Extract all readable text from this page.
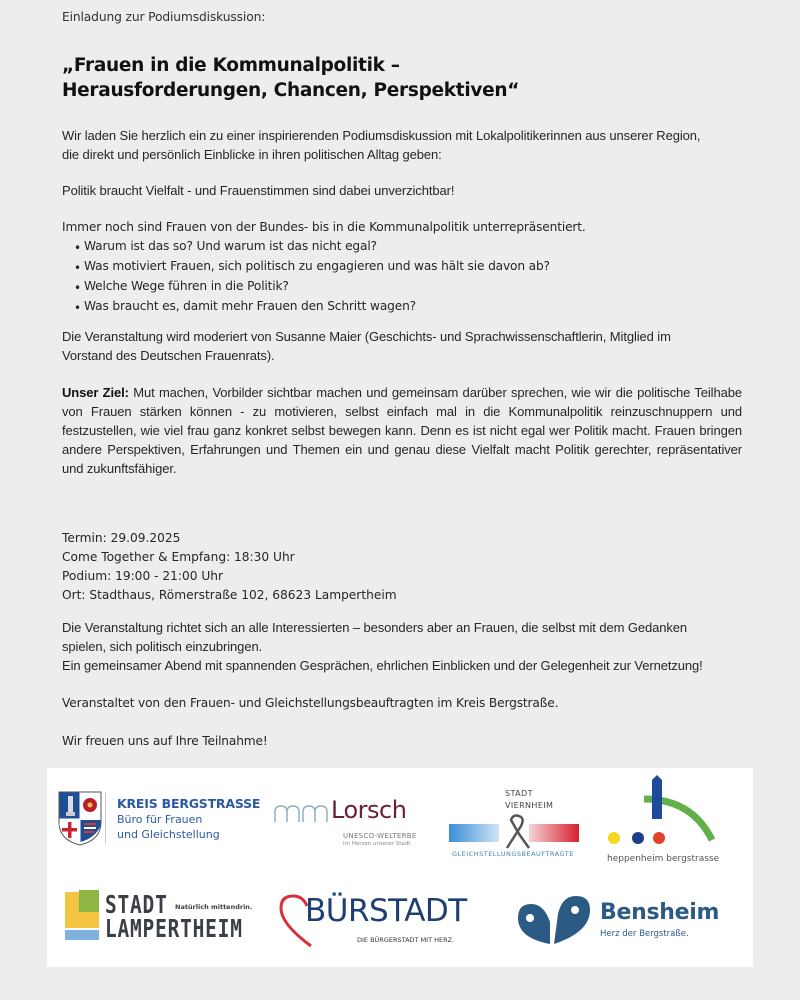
Einladung zur Podiumsdiskussion:
„Frauen in die Kommunalpolitik –
Herausforderungen, Chancen, Perspektiven“
Wir laden Sie herzlich ein zu einer inspirierenden Podiumsdiskussion mit Lokalpolitikerinnen aus unserer Region,
die direkt und persönlich Einblicke in ihren politischen Alltag geben:
Politik braucht Vielfalt - und Frauenstimmen sind dabei unverzichtbar!
Immer noch sind Frauen von der Bundes- bis in die Kommunalpolitik unterrepräsentiert.
• Warum ist das so? Und warum ist das nicht egal?
• Was motiviert Frauen, sich politisch zu engagieren und was hält sie davon ab?
• Welche Wege führen in die Politik?
• Was braucht es, damit mehr Frauen den Schritt wagen?
Die Veranstaltung wird moderiert von Susanne Maier (Geschichts- und Sprachwissenschaftlerin, Mitglied im
Vorstand des Deutschen Frauenrats).
Unser Ziel: Mut machen, Vorbilder sichtbar machen und gemeinsam darüber sprechen, wie wir die politische Teilhabe von Frauen stärken können - zu motivieren, selbst einfach mal in die Kommunalpolitik reinzuschnuppern und festzustellen, wie viel frau ganz konkret selbst bewegen kann. Denn es ist nicht egal wer Politik macht. Frauen bringen andere Perspektiven, Erfahrungen und Themen ein und genau diese Vielfalt macht Politik gerechter, repräsentativer und zukunftsfähiger.
Termin: 29.09.2025
Come Together & Empfang: 18:30 Uhr
Podium: 19:00 - 21:00 Uhr
Ort: Stadthaus, Römerstraße 102, 68623 Lampertheim
Die Veranstaltung richtet sich an alle Interessierten – besonders aber an Frauen, die selbst mit dem Gedanken
spielen, sich politisch einzubringen.
Ein gemeinsamer Abend mit spannenden Gesprächen, ehrlichen Einblicken und der Gelegenheit zur Vernetzung!
Veranstaltet von den Frauen- und Gleichstellungsbeauftragten im Kreis Bergstraße.
Wir freuen uns auf Ihre Teilnahme!
KREIS BERGSTRASSE
Büro für Frauen
und Gleichstellung
Lorsch
UNESCO-WELTERBE
Im Herzen unserer Stadt
STADT
VIERNHEIM
GLEICHSTELLUNGSBEAUFTRAGTE	heppenheim bergstrasse
STADT Natürlich mittendrin.
LAMPERTHEIM BÜRSTADT
DIE BÜRGERSTADT MIT HERZ.
Bensheim
Herz der Bergstraße.
